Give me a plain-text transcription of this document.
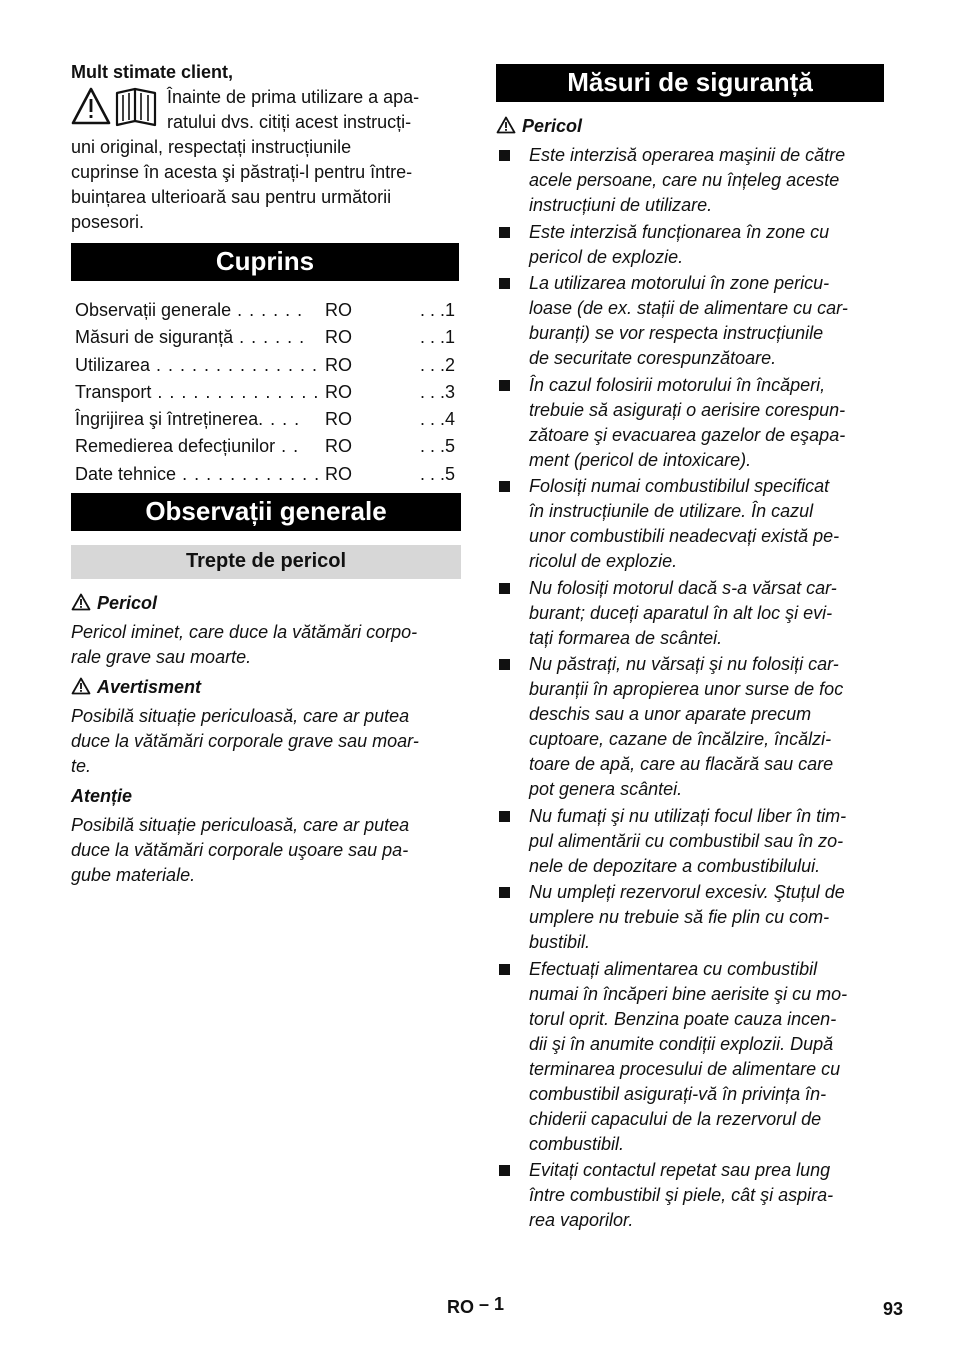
Mult stimate client,
Înainte de prima utilizare a apa-
ratului dvs. citiți acest instrucți-
uni original, respectați instrucțiunile
cuprinse în acesta şi păstrați-l pentru între-
buințarea ulterioară sau pentru următorii
posesori.
Cuprins
Observații generale . . . . . .	RO	. . .1
Măsuri de siguranță . . . . . .	RO	. . .1
Utilizarea . . . . . . . . . . . . . . RO	. . .2
Transport . . . . . . . . . . . . . . RO	. . .3
Îngrijirea şi întreținerea. . . .	RO	. . .4
Remedierea defecțiunilor . .	RO	. . .5
Date tehnice . . . . . . . . . . . . RO	. . .5
Observații generale
Trepte de pericol
Pericol
Pericol iminet, care duce la vătămări corpo-
rale grave sau moarte.
Avertisment
Posibilă situație periculoasă, care ar putea
duce la vătămări corporale grave sau moar-
te.
Atenție
Posibilă situație periculoasă, care ar putea
duce la vătămări corporale uşoare sau pa-
gube materiale.
Măsuri de siguranță
Pericol
Este interzisă operarea maşinii de către
acele persoane, care nu înțeleg aceste
instrucțiuni de utilizare.
Este interzisă funcționarea în zone cu
pericol de explozie.
La utilizarea motorului în zone pericu-
loase (de ex. stații de alimentare cu car-
buranți) se vor respecta instrucțiunile
de securitate corespunzătoare.
În cazul folosirii motorului în încăperi,
trebuie să asigurați o aerisire corespun-
zătoare şi evacuarea gazelor de eşapa-
ment (pericol de intoxicare).
Folosiți numai combustibilul specificat
în instrucțiunile de utilizare. În cazul
unor combustibili neadecvați există pe-
ricolul de explozie.
Nu folosiți motorul dacă s-a vărsat car-
burant; duceți aparatul în alt loc şi evi-
tați formarea de scântei.
Nu păstrați, nu vărsați şi nu folosiți car-
buranții în apropierea unor surse de foc
deschis sau a unor aparate precum
cuptoare, cazane de încălzire, încălzi-
toare de apă, care au flacără sau care
pot genera scântei.
Nu fumați şi nu utilizați focul liber în tim-
pul alimentării cu combustibil sau în zo-
nele de depozitare a combustibilului.
Nu umpleți rezervorul excesiv. Ştuțul de
umplere nu trebuie să fie plin cu com-
bustibil.
Efectuați alimentarea cu combustibil
numai în încăperi bine aerisite şi cu mo-
torul oprit. Benzina poate cauza incen-
dii şi în anumite condiții explozii. După
terminarea procesului de alimentare cu
combustibil asigurați-vă în privința în-
chiderii capacului de la rezervorul de
combustibil.
Evitați contactul repetat sau prea lung
între combustibil şi piele, cât şi aspira-
rea vaporilor.
RO – 1	93
